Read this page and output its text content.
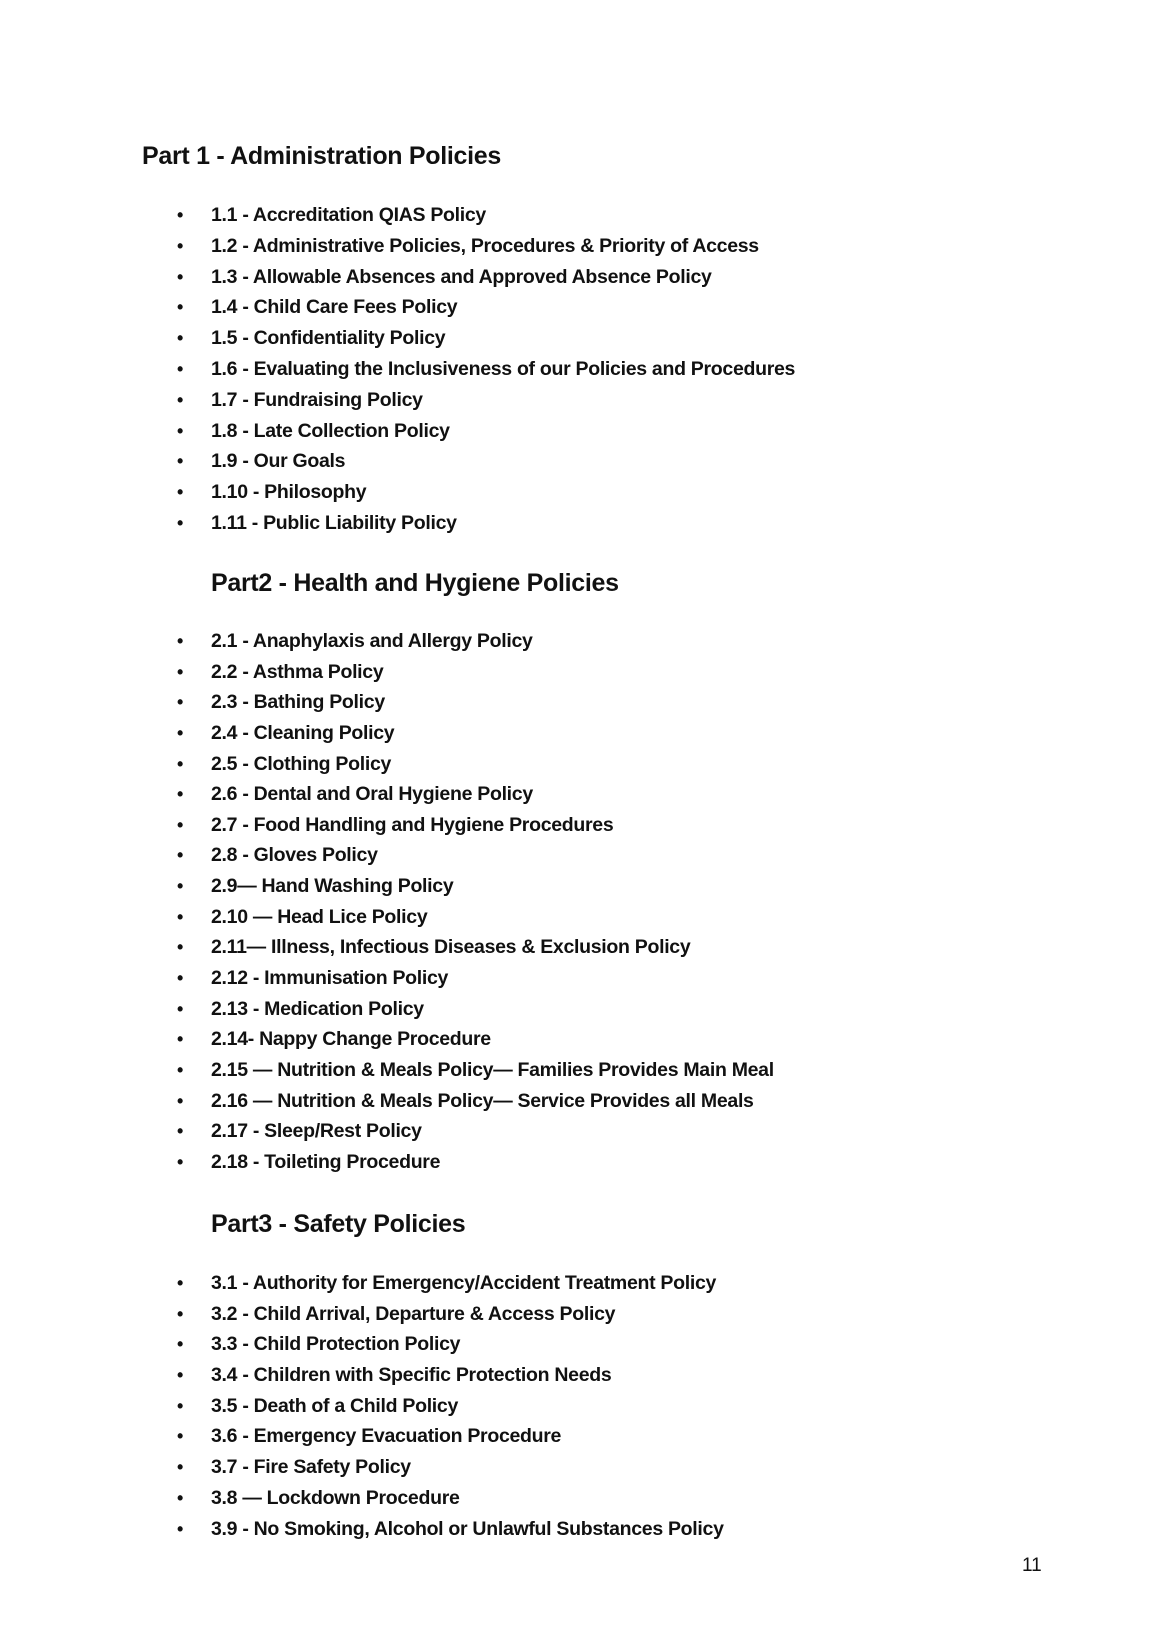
Part 1 - Administration Policies
• 1.1 - Accreditation QIAS Policy
• 1.2 - Administrative Policies, Procedures & Priority of Access
• 1.3 - Allowable Absences and Approved Absence Policy
• 1.4 - Child Care Fees Policy
• 1.5 - Confidentiality Policy
• 1.6 - Evaluating the Inclusiveness of our Policies and Procedures
• 1.7 - Fundraising Policy
• 1.8 - Late Collection Policy
• 1.9 - Our Goals
• 1.10 - Philosophy
• 1.11 - Public Liability Policy
Part2 - Health and Hygiene Policies
• 2.1 - Anaphylaxis and Allergy Policy
• 2.2 - Asthma Policy
• 2.3 - Bathing Policy
• 2.4 - Cleaning Policy
• 2.5 - Clothing Policy
• 2.6 - Dental and Oral Hygiene Policy
• 2.7 - Food Handling and Hygiene Procedures
• 2.8 - Gloves Policy
• 2.9— Hand Washing Policy
• 2.10 — Head Lice Policy
• 2.11— Illness, Infectious Diseases & Exclusion Policy
• 2.12 - Immunisation Policy
• 2.13 - Medication Policy
• 2.14- Nappy Change Procedure
• 2.15 — Nutrition & Meals Policy— Families Provides Main Meal
• 2.16 — Nutrition & Meals Policy— Service Provides all Meals
• 2.17 - Sleep/Rest Policy
• 2.18 - Toileting Procedure
Part3 - Safety Policies
• 3.1 - Authority for Emergency/Accident Treatment Policy
• 3.2 - Child Arrival, Departure & Access Policy
• 3.3 - Child Protection Policy
• 3.4 - Children with Specific Protection Needs
• 3.5 - Death of a Child Policy
• 3.6 - Emergency Evacuation Procedure
• 3.7 - Fire Safety Policy
• 3.8 — Lockdown Procedure
• 3.9 - No Smoking, Alcohol or Unlawful Substances Policy
11
